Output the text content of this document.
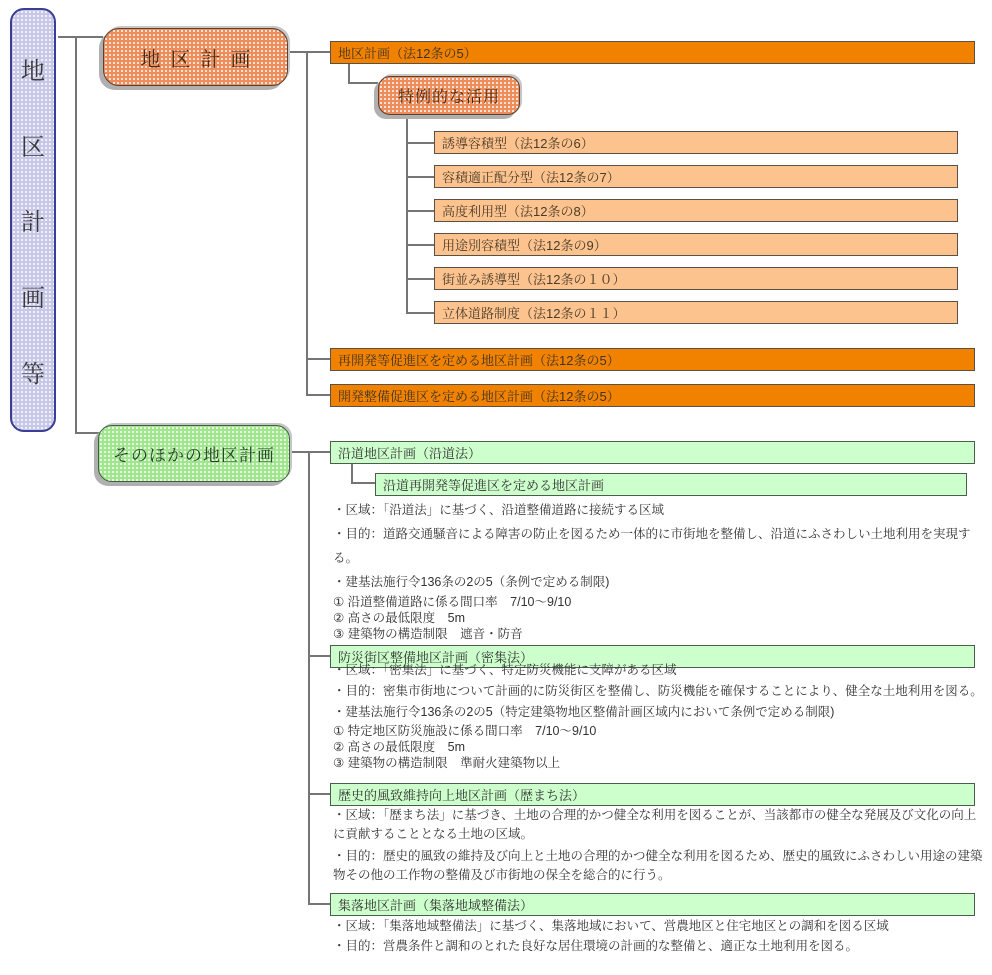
地
区
計
画
等
地区計画
特例的な活用
そのほかの地区計画
地区計画（法12条の5）
誘導容積型（法12条の6）
容積適正配分型（法12条の7）
高度利用型（法12条の8）
用途別容積型（法12条の9）
街並み誘導型（法12条の１０）
立体道路制度（法12条の１１）
再開発等促進区を定める地区計画（法12条の5）
開発整備促進区を定める地区計画（法12条の5）
沿道地区計画（沿道法）
沿道再開発等促進区を定める地区計画
防災街区整備地区計画（密集法）
歴史的風致維持向上地区計画（歴まち法）
集落地区計画（集落地域整備法）
・区域：「沿道法」に基づく、沿道整備道路に接続する区域
・目的：道路交通騒音による障害の防止を図るため一体的に市街地を整備し、沿道にふさわしい土地利用を実現する。
・建基法施行令136条の2の5（条例で定める制限)
① 沿道整備道路に係る間口率　7/10～9/10
② 高さの最低限度　5m
③ 建築物の構造制限　遮音・防音
・区域：「密集法」に基づく、特定防災機能に支障がある区域
・目的：密集市街地について計画的に防災街区を整備し、防災機能を確保することにより、健全な土地利用を図る。
・建基法施行令136条の2の5（特定建築物地区整備計画区域内において条例で定める制限)
① 特定地区防災施設に係る間口率　7/10～9/10
② 高さの最低限度　5m
③ 建築物の構造制限　準耐火建築物以上
・区域：「歴まち法」に基づき、土地の合理的かつ健全な利用を図ることが、当該都市の健全な発展及び文化の向上に貢献することとなる土地の区域。
・目的：歴史的風致の維持及び向上と土地の合理的かつ健全な利用を図るため、歴史的風致にふさわしい用途の建築物その他の工作物の整備及び市街地の保全を総合的に行う。
・区域：「集落地域整備法」に基づく、集落地域において、営農地区と住宅地区との調和を図る区域
・目的：営農条件と調和のとれた良好な居住環境の計画的な整備と、適正な土地利用を図る。
